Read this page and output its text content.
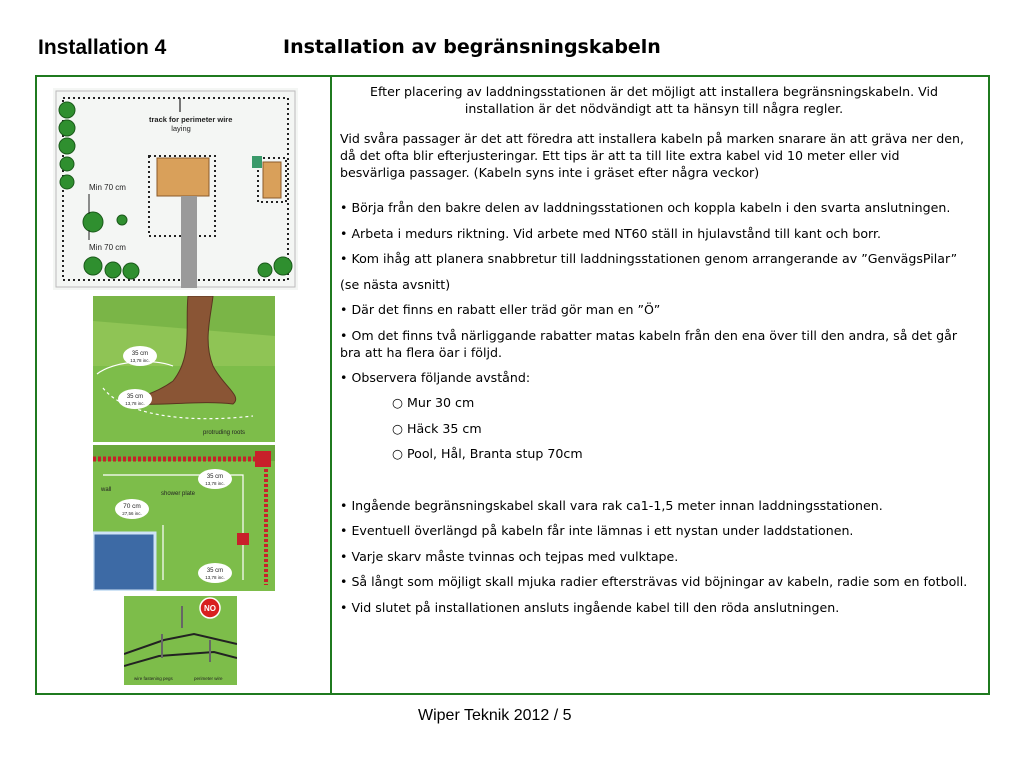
Installation 4	Installation av begränsningskabeln
track for perimeter wire
laying
Min 70 cm
Min 70 cm
35 cm
13,78 inc.
35 cm
13,78 inc.
protruding roots
wall
shower plate
70 cm
27,56 inc.
35 cm
13,78 inc.
35 cm
13,78 inc.
NO
wire fastening pegs	perimeter wire

Efter placering av laddningsstationen är det möjligt att installera begränsningskabeln. Vid installation är det nödvändigt att ta hänsyn till några regler.

Vid svåra passager är det att föredra att installera kabeln på marken snarare än att gräva ner den, då det ofta blir efterjusteringar. Ett tips är att ta till lite extra kabel vid 10 meter eller vid besvärliga passager. (Kabeln syns inte i gräset efter några veckor)

• Börja från den bakre delen av laddningsstationen och koppla kabeln i den svarta anslutningen.
• Arbeta i medurs riktning. Vid arbete med NT60 ställ in hjulavstånd till kant och borr.
• Kom ihåg att planera snabbretur till laddningsstationen genom arrangerande av ”GenvägsPilar” (se nästa avsnitt)
• Där det finns en rabatt eller träd gör man en ”Ö”
• Om det finns två närliggande rabatter matas kabeln från den ena över till den andra, så det går bra att ha flera öar i följd.
• Observera följande avstånd:
○ Mur 30 cm
○ Häck 35 cm
○ Pool, Hål, Branta stup 70cm
• Ingående begränsningskabel skall vara rak ca1-1,5 meter innan laddningsstationen.
• Eventuell överlängd på kabeln får inte lämnas i ett nystan under laddstationen.
• Varje skarv måste tvinnas och tejpas med vulktape.
• Så långt som möjligt skall mjuka radier eftersträvas vid böjningar av kabeln, radie som en fotboll.
• Vid slutet på installationen ansluts ingående kabel till den röda anslutningen.
Wiper Teknik 2012 / 5
